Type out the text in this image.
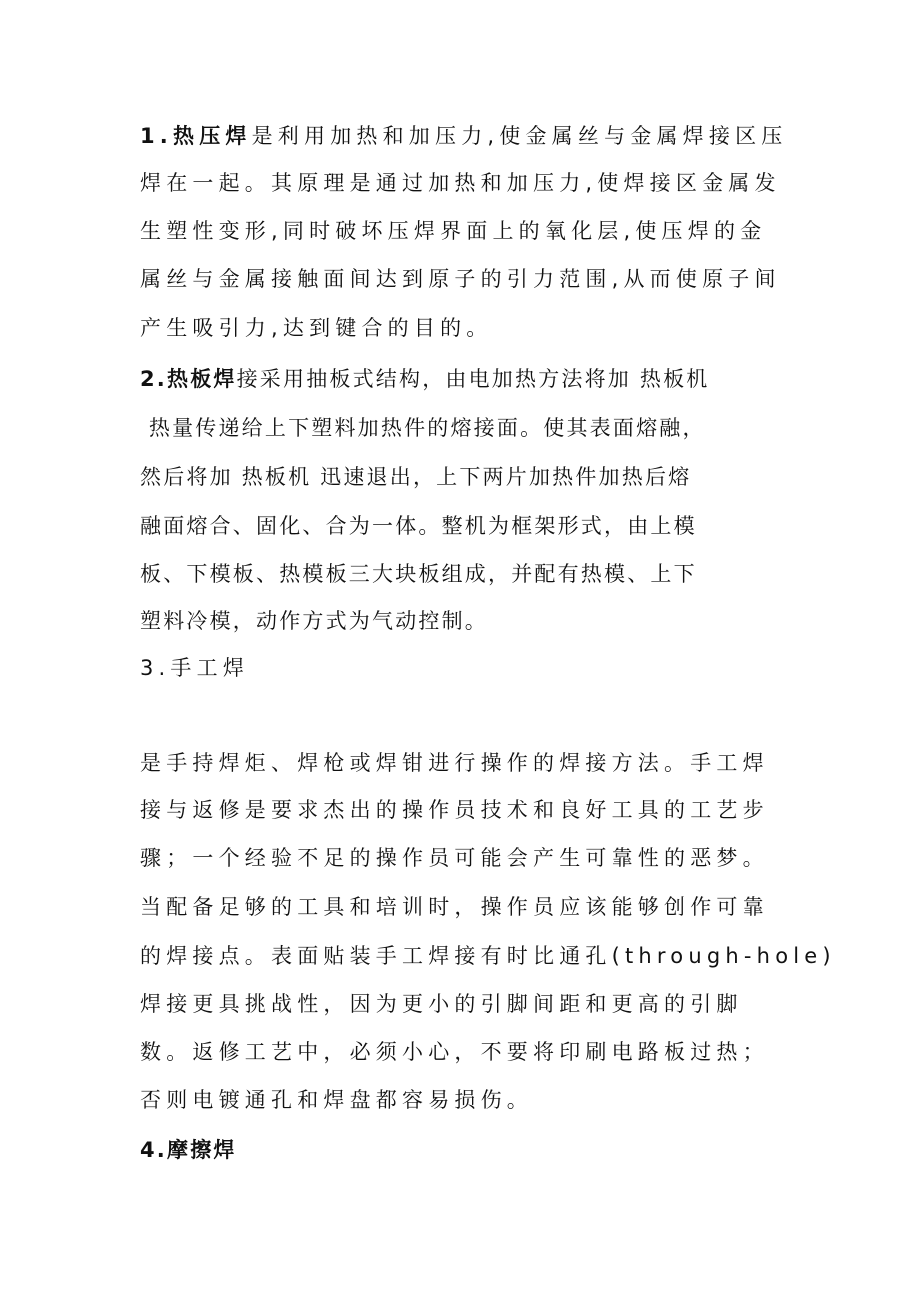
1.热压焊是利用加热和加压力,使金属丝与金属焊接区压
焊在一起。其原理是通过加热和加压力,使焊接区金属发
生塑性变形,同时破坏压焊界面上的氧化层,使压焊的金
属丝与金属接触面间达到原子的引力范围,从而使原子间
产生吸引力,达到键合的目的。
2.热板焊接采用抽板式结构，由电加热方法将加 热板机
热量传递给上下塑料加热件的熔接面。使其表面熔融，
然后将加 热板机 迅速退出，上下两片加热件加热后熔
融面熔合、固化、合为一体。整机为框架形式，由上模
板、下模板、热模板三大块板组成，并配有热模、上下
塑料冷模，动作方式为气动控制。
3.手工焊
是手持焊炬、焊枪或焊钳进行操作的焊接方法。手工焊
接与返修是要求杰出的操作员技术和良好工具的工艺步
骤；一个经验不足的操作员可能会产生可靠性的恶梦。
当配备足够的工具和培训时，操作员应该能够创作可靠
的焊接点。表面贴装手工焊接有时比通孔(through-hole)
焊接更具挑战性，因为更小的引脚间距和更高的引脚
数。返修工艺中，必须小心，不要将印刷电路板过热；
否则电镀通孔和焊盘都容易损伤。
4.摩擦焊
